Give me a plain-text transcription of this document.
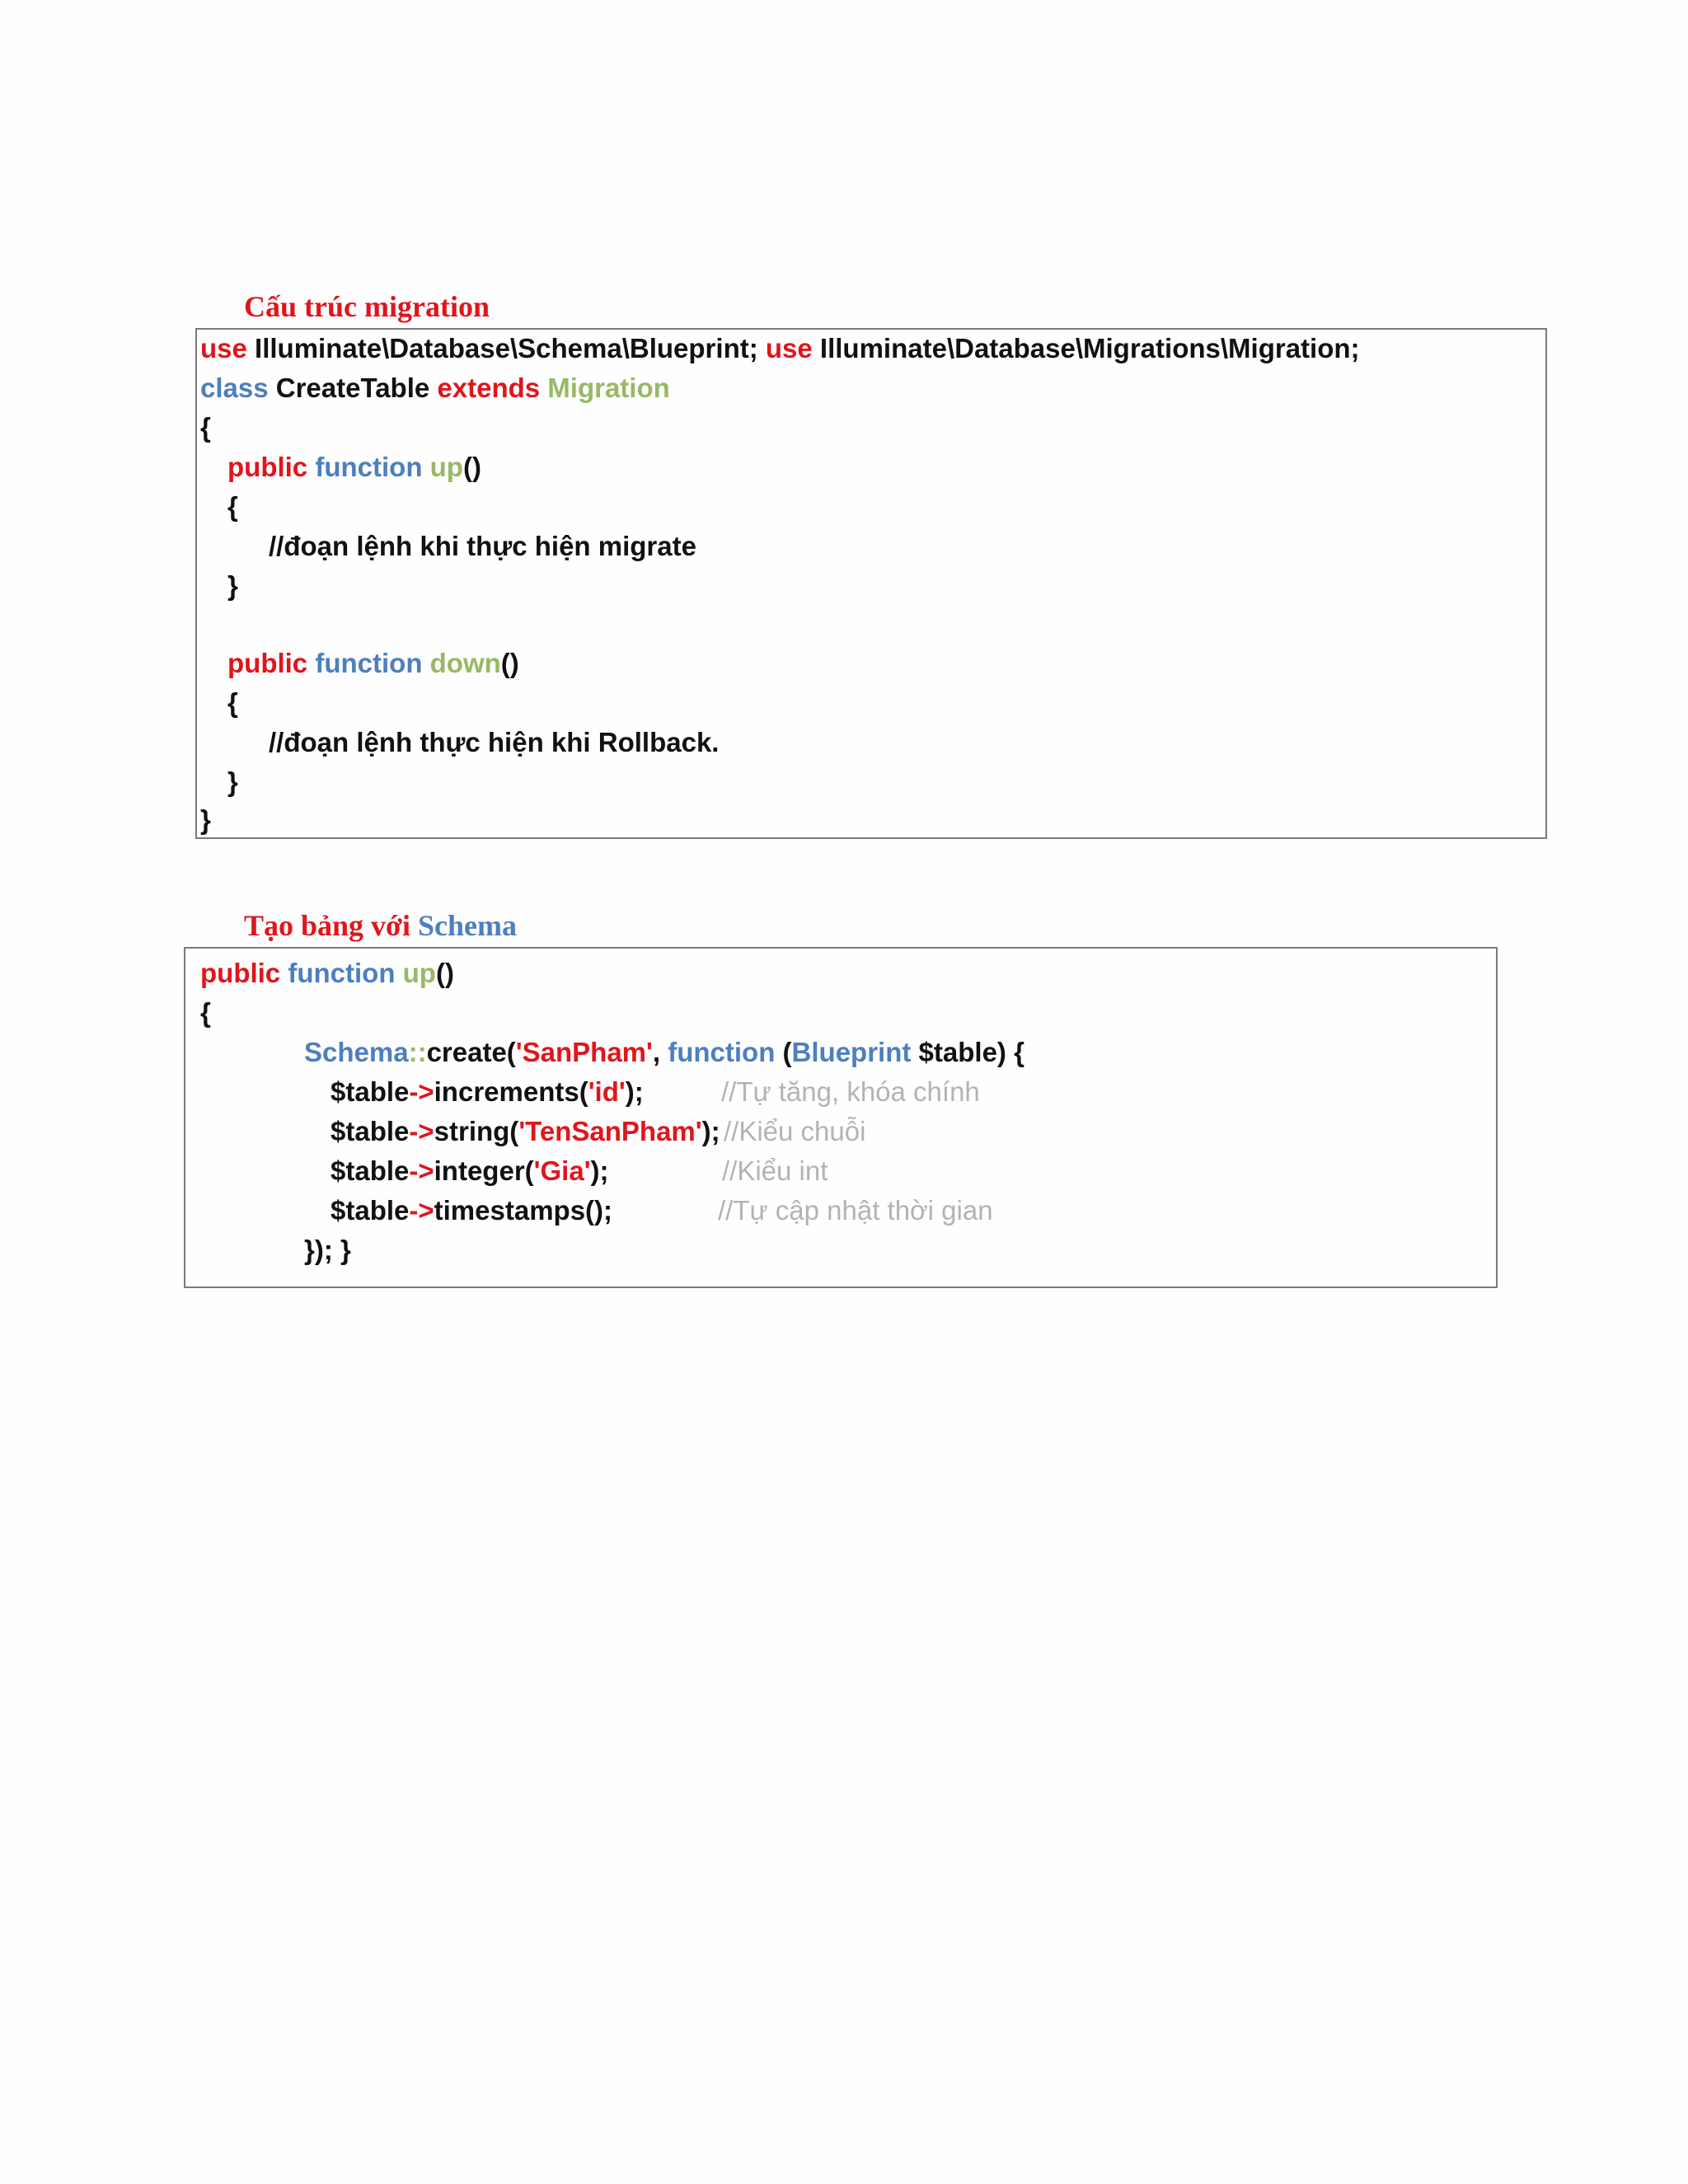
Cấu trúc migration
use Illuminate\Database\Schema\Blueprint; use Illuminate\Database\Migrations\Migration;
class CreateTable extends Migration
{
public function up()
{
//đoạn lệnh khi thực hiện migrate
}
public function down()
{
//đoạn lệnh thực hiện khi Rollback.
}
}
Tạo bảng với Schema
public function up()
{
Schema::create('SanPham', function (Blueprint $table) {
$table->increments('id');	//Tự tăng, khóa chính
$table->string('TenSanPham'); //Kiểu chuỗi
$table->integer('Gia');	//Kiểu int
$table->timestamps();	//Tự cập nhật thời gian
}); }
